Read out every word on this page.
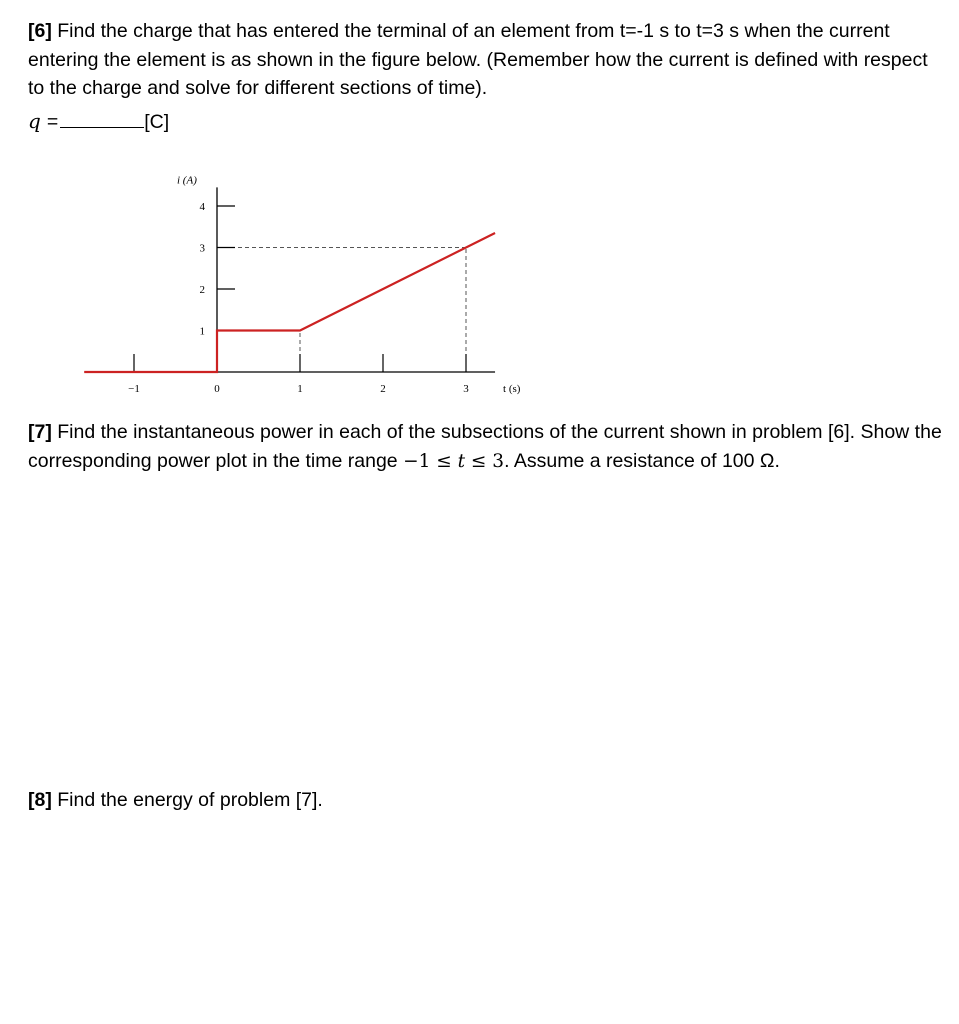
[6] Find the charge that has entered the terminal of an element from t=-1 s to t=3 s when the current entering the element is as shown in the figure below. (Remember how the current is defined with respect to the charge and solve for different sections of time).

q =	[C]
1
2
3
4
−1	0	1	2	3
i (A)
t (s)

[7] Find the instantaneous power in each of the subsections of the current shown in problem [6]. Show the corresponding power plot in the time range −1 ≤ t ≤ 3. Assume a resistance of 100 Ω.

[8] Find the energy of problem [7].
